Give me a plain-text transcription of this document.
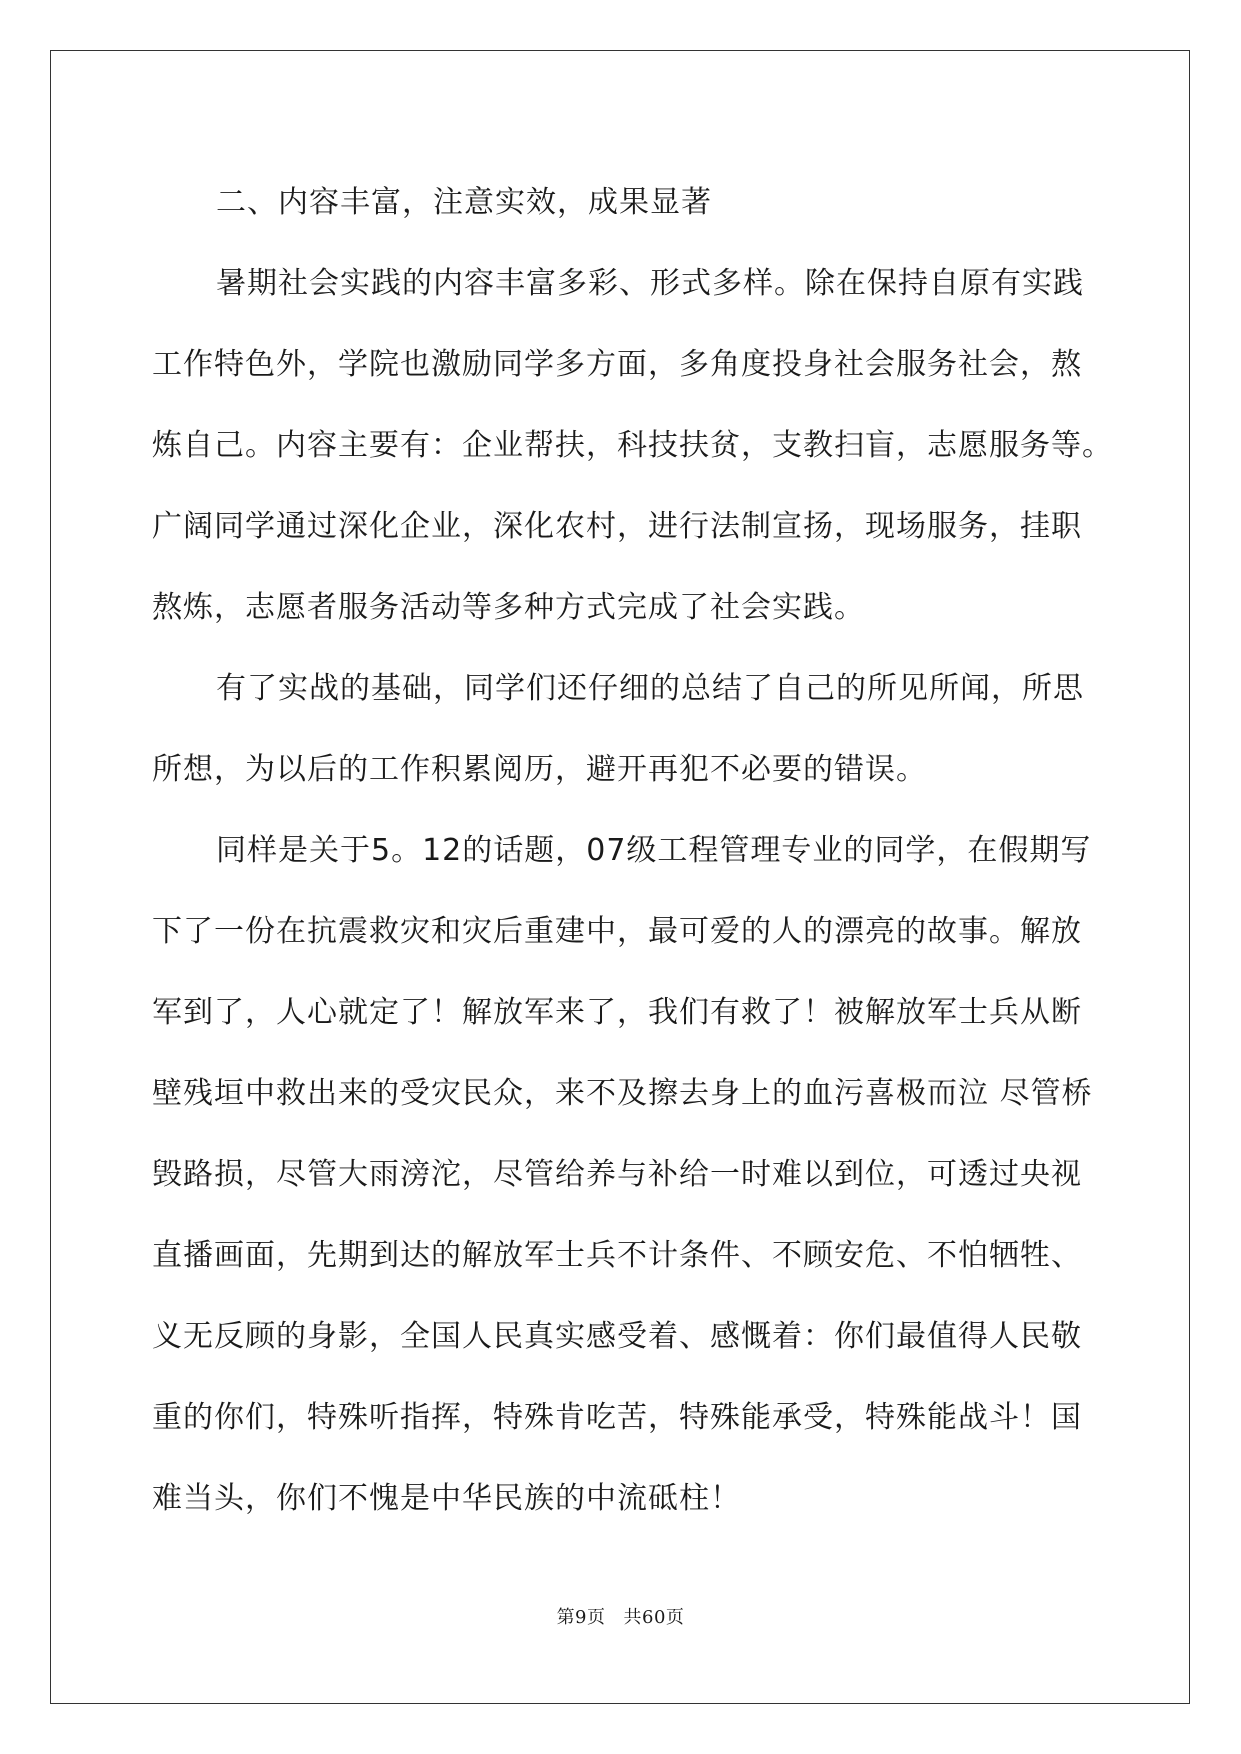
二、内容丰富，注意实效，成果显著
暑期社会实践的内容丰富多彩、形式多样。除在保持自原有实践
工作特色外，学院也激励同学多方面，多角度投身社会服务社会，熬
炼自己。内容主要有：企业帮扶，科技扶贫，支教扫盲，志愿服务等。
广阔同学通过深化企业，深化农村，进行法制宣扬，现场服务，挂职
熬炼，志愿者服务活动等多种方式完成了社会实践。
有了实战的基础，同学们还仔细的总结了自己的所见所闻，所思
所想，为以后的工作积累阅历，避开再犯不必要的错误。
同样是关于5。12的话题，07级工程管理专业的同学，在假期写
下了一份在抗震救灾和灾后重建中，最可爱的人的漂亮的故事。解放
军到了，人心就定了！解放军来了，我们有救了！被解放军士兵从断
壁残垣中救出来的受灾民众，来不及擦去身上的血污喜极而泣 尽管桥
毁路损，尽管大雨滂沱，尽管给养与补给一时难以到位，可透过央视
直播画面，先期到达的解放军士兵不计条件、不顾安危、不怕牺牲、
义无反顾的身影，全国人民真实感受着、感慨着：你们最值得人民敬
重的你们，特殊听指挥，特殊肯吃苦，特殊能承受，特殊能战斗！国
难当头，你们不愧是中华民族的中流砥柱！
第9页 共60页
